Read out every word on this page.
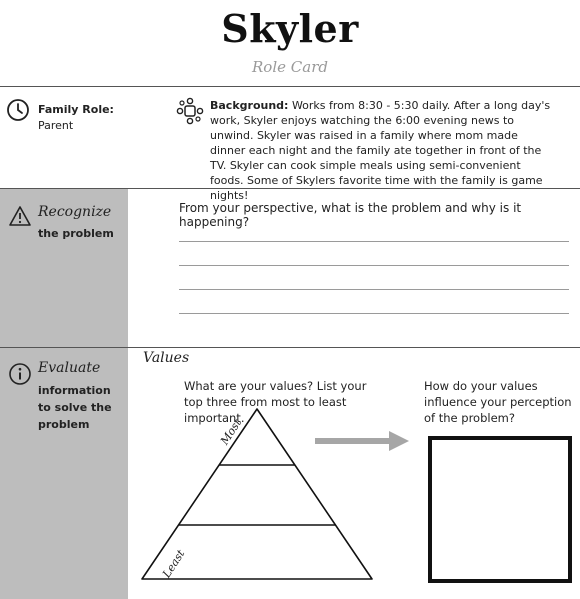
Skyler
Role Card
Family Role:
Parent
Background: Works from 8:30 - 5:30 daily. After a long day's work, Skyler enjoys watching the 6:00 evening news to unwind. Skyler was raised in a family where mom made dinner each night and the family ate together in front of the TV. Skyler can cook simple meals using semi-convenient foods. Some of Skylers favorite time with the family is game nights!
Recognize
the problem
From your perspective, what is the problem and why is it happening?
Evaluate
information to solve the problem
Values
What are your values? List your top three from most to least important.
How do your values influence your perception of the problem?
Most
Least
